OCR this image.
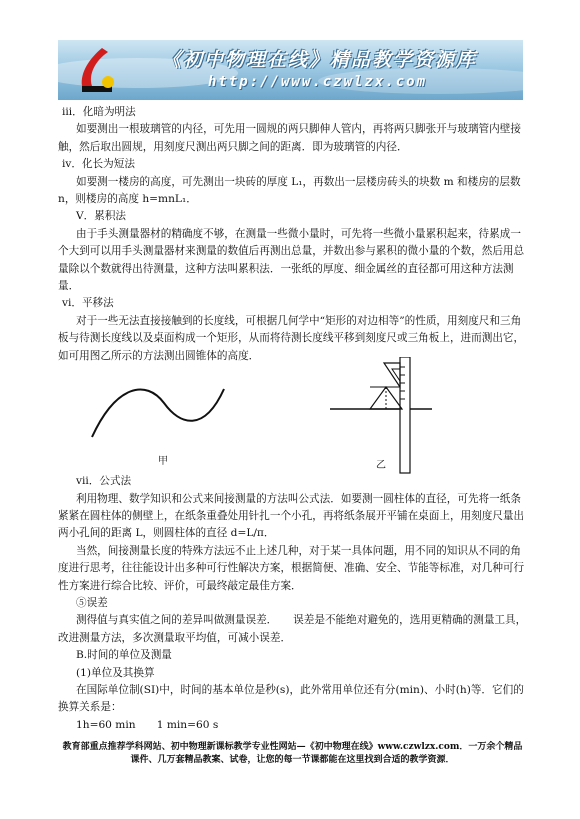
《初中物理在线》精品教学资源库
http://www.czwlzx.com

iii．化暗为明法

如要测出一根玻璃管的内径，可先用一圆规的两只脚伸人管内，再将两只脚张开与玻璃管内壁接触，然后取出圆规，用刻度尺测出两只脚之间的距离．即为玻璃管的内径．

iv．化长为短法

如要测一楼房的高度，可先测出一块砖的厚度 L₁，再数出一层楼房砖头的块数 m 和楼房的层数 n，则楼房的高度 h=mnL₁．

V．累积法

由于手头测量器材的精确度不够，在测量一些微小量时，可先将一些微小量累积起来，待累成一个大到可以用手头测量器材来测量的数值后再测出总量，并数出参与累积的微小量的个数，然后用总量除以个数就得出待测量，这种方法叫累积法．一张纸的厚度、细金属丝的直径都可用这种方法测量．

vi．平移法

对于一些无法直接接触到的长度线，可根据几何学中“矩形的对边相等”的性质，用刻度尺和三角板与待测长度线以及桌面构成一个矩形，从而将待测长度线平移到刻度尺或三角板上，进而测出它，如可用图乙所示的方法测出圆锥体的高度．

甲	乙

vii．公式法

利用物理、数学知识和公式来间接测量的方法叫公式法．如要测一圆柱体的直径，可先将一纸条紧紧在圆柱体的侧壁上，在纸条重叠处用针扎一个小孔，再将纸条展开平铺在桌面上，用刻度尺量出两小孔间的距离 L，则圆柱体的直径 d=L/π．

当然，间接测量长度的特殊方法远不止上述几种，对于某一具体问题，用不同的知识从不同的角度进行思考，往往能设计出多种可行性解决方案，根据简便、准确、安全、节能等标准，对几种可行性方案进行综合比较、评价，可最终敲定最佳方案．

⑤误差

测得值与真实值之间的差异叫做测量误差．　　误差是不能绝对避免的，选用更精确的测量工具，改进测量方法，多次测量取平均值，可减小误差．

B.时间的单位及测量

(1)单位及其换算

在国际单位制(SI)中，时间的基本单位是秒(s)，此外常用单位还有分(min)、小时(h)等．它们的换算关系是：

1h=60 min　　1 min=60 s

教育部重点推荐学科网站、初中物理新课标教学专业性网站—《初中物理在线》www.czwlzx.com．一万余个精品
课件、几万套精品教案、试卷，让您的每一节课都能在这里找到合适的教学资源．
